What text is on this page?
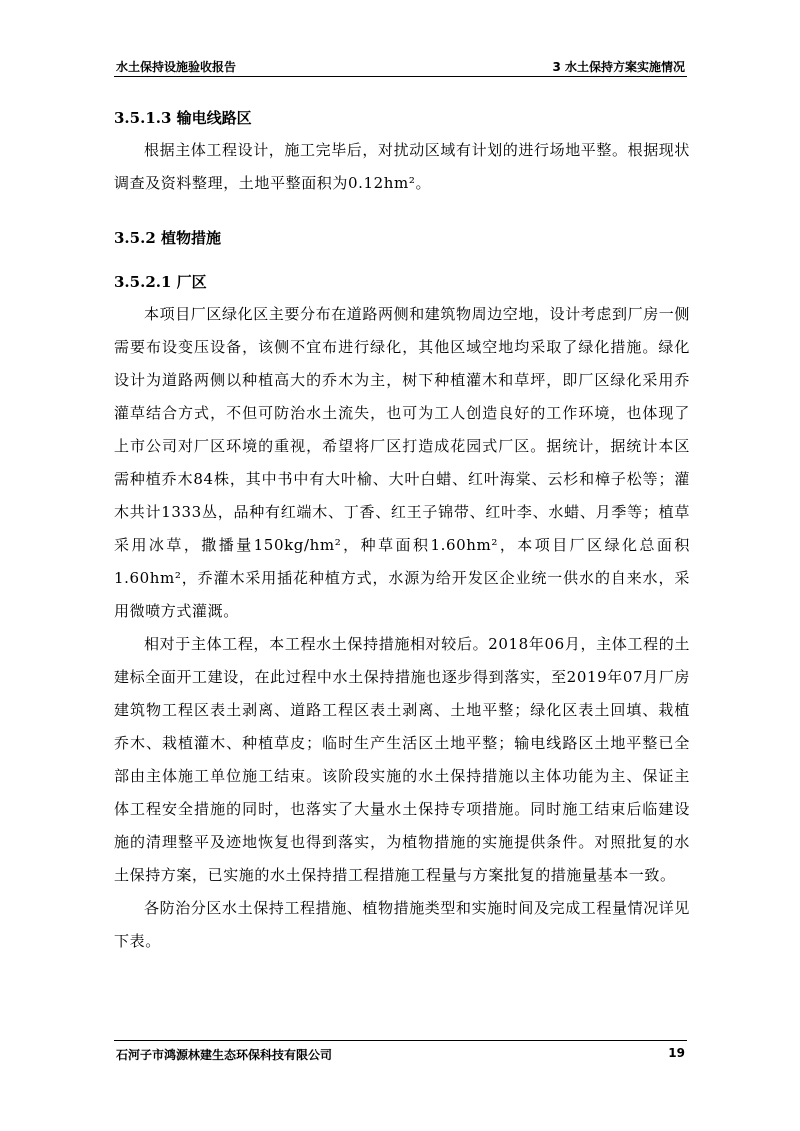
水土保持设施验收报告	3 水土保持方案实施情况
3.5.1.3 输电线路区

根据主体工程设计，施工完毕后，对扰动区域有计划的进行场地平整。根据现状调查及资料整理，土地平整面积为0.12hm²。

3.5.2 植物措施
3.5.2.1 厂区

本项目厂区绿化区主要分布在道路两侧和建筑物周边空地，设计考虑到厂房一侧需要布设变压设备，该侧不宜布进行绿化，其他区域空地均采取了绿化措施。绿化设计为道路两侧以种植高大的乔木为主，树下种植灌木和草坪，即厂区绿化采用乔灌草结合方式，不但可防治水土流失，也可为工人创造良好的工作环境，也体现了上市公司对厂区环境的重视，希望将厂区打造成花园式厂区。据统计，据统计本区需种植乔木84株，其中书中有大叶榆、大叶白蜡、红叶海棠、云杉和樟子松等；灌木共计1333丛，品种有红端木、丁香、红王子锦带、红叶李、水蜡、月季等；植草采用冰草，撒播量150kg/hm²，种草面积1.60hm²，本项目厂区绿化总面积1.60hm²，乔灌木采用插花种植方式，水源为给开发区企业统一供水的自来水，采用微喷方式灌溉。

相对于主体工程，本工程水土保持措施相对较后。2018年06月，主体工程的土建标全面开工建设，在此过程中水土保持措施也逐步得到落实，至2019年07月厂房建筑物工程区表土剥离、道路工程区表土剥离、土地平整；绿化区表土回填、栽植乔木、栽植灌木、种植草皮；临时生产生活区土地平整；输电线路区土地平整已全部由主体施工单位施工结束。该阶段实施的水土保持措施以主体功能为主、保证主体工程安全措施的同时，也落实了大量水土保持专项措施。同时施工结束后临建设施的清理整平及迹地恢复也得到落实，为植物措施的实施提供条件。对照批复的水土保持方案，已实施的水土保持措工程措施工程量与方案批复的措施量基本一致。

各防治分区水土保持工程措施、植物措施类型和实施时间及完成工程量情况详见下表。

石河子市鸿源林建生态环保科技有限公司	19
